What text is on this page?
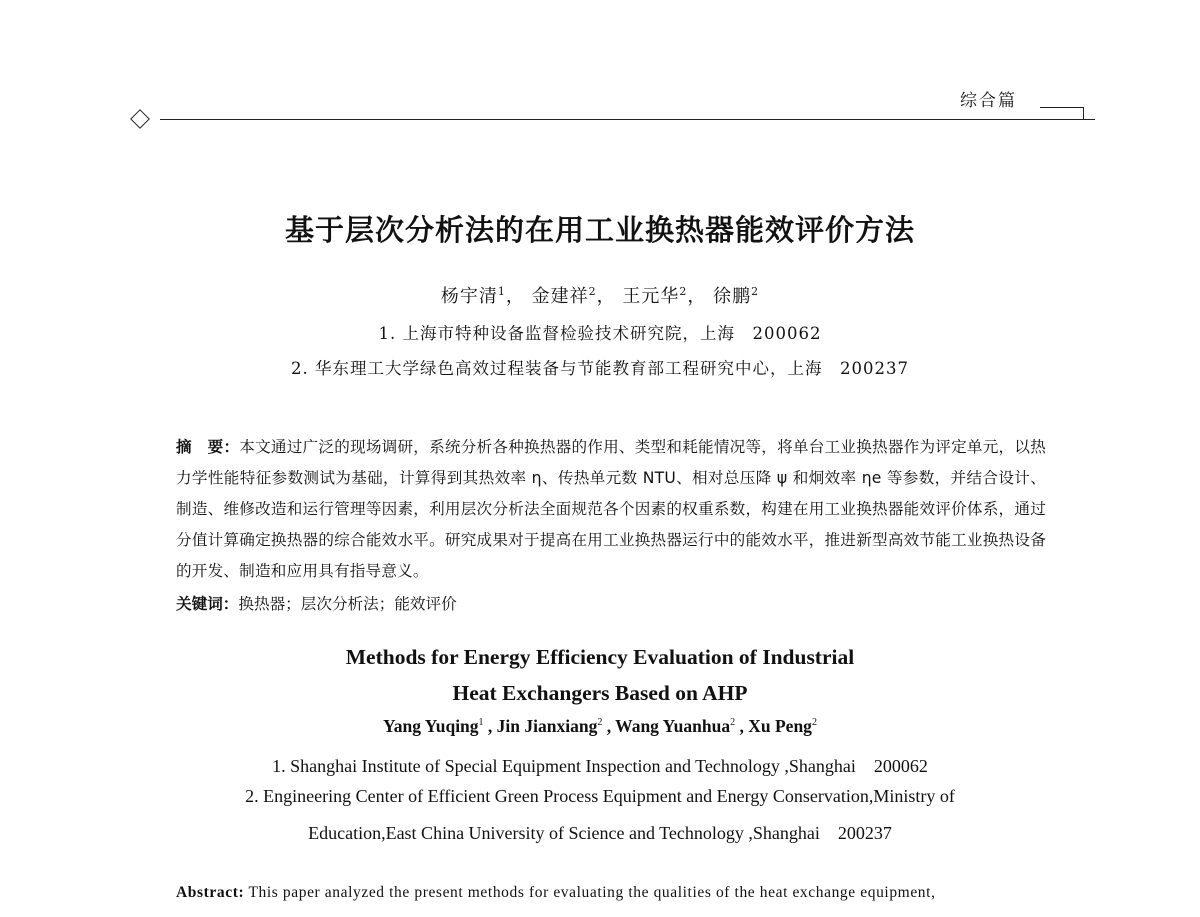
综合篇
基于层次分析法的在用工业换热器能效评价方法
杨宇清$^1$， 金建祥$^2$， 王元华$^2$， 徐鹏$^2$
1. 上海市特种设备监督检验技术研究院，上海　200062
2. 华东理工大学绿色高效过程装备与节能教育部工程研究中心，上海　200237
摘　要：本文通过广泛的现场调研，系统分析各种换热器的作用、类型和耗能情况等，将单台工业换热器作为评定单元，以热力学性能特征参数测试为基础，计算得到其热效率 η、传热单元数 NTU、相对总压降 ψ 和炯效率 ηe 等参数，并结合设计、制造、维修改造和运行管理等因素，利用层次分析法全面规范各个因素的权重系数，构建在用工业换热器能效评价体系，通过分值计算确定换热器的综合能效水平。研究成果对于提高在用工业换热器运行中的能效水平，推进新型高效节能工业换热设备的开发、制造和应用具有指导意义。
关键词：换热器；层次分析法；能效评价
Methods for Energy Efficiency Evaluation of Industrial
Heat Exchangers Based on AHP
Yang Yuqing$^1$ , Jin Jianxiang$^2$ , Wang Yuanhua$^2$ , Xu Peng$^2$
1. Shanghai Institute of Special Equipment Inspection and Technology ,Shanghai　200062
2. Engineering Center of Efficient Green Process Equipment and Energy Conservation,Ministry of
Education,East China University of Science and Technology ,Shanghai　200237
Abstract: This paper analyzed the present methods for evaluating the qualities of the heat exchange equipment,
